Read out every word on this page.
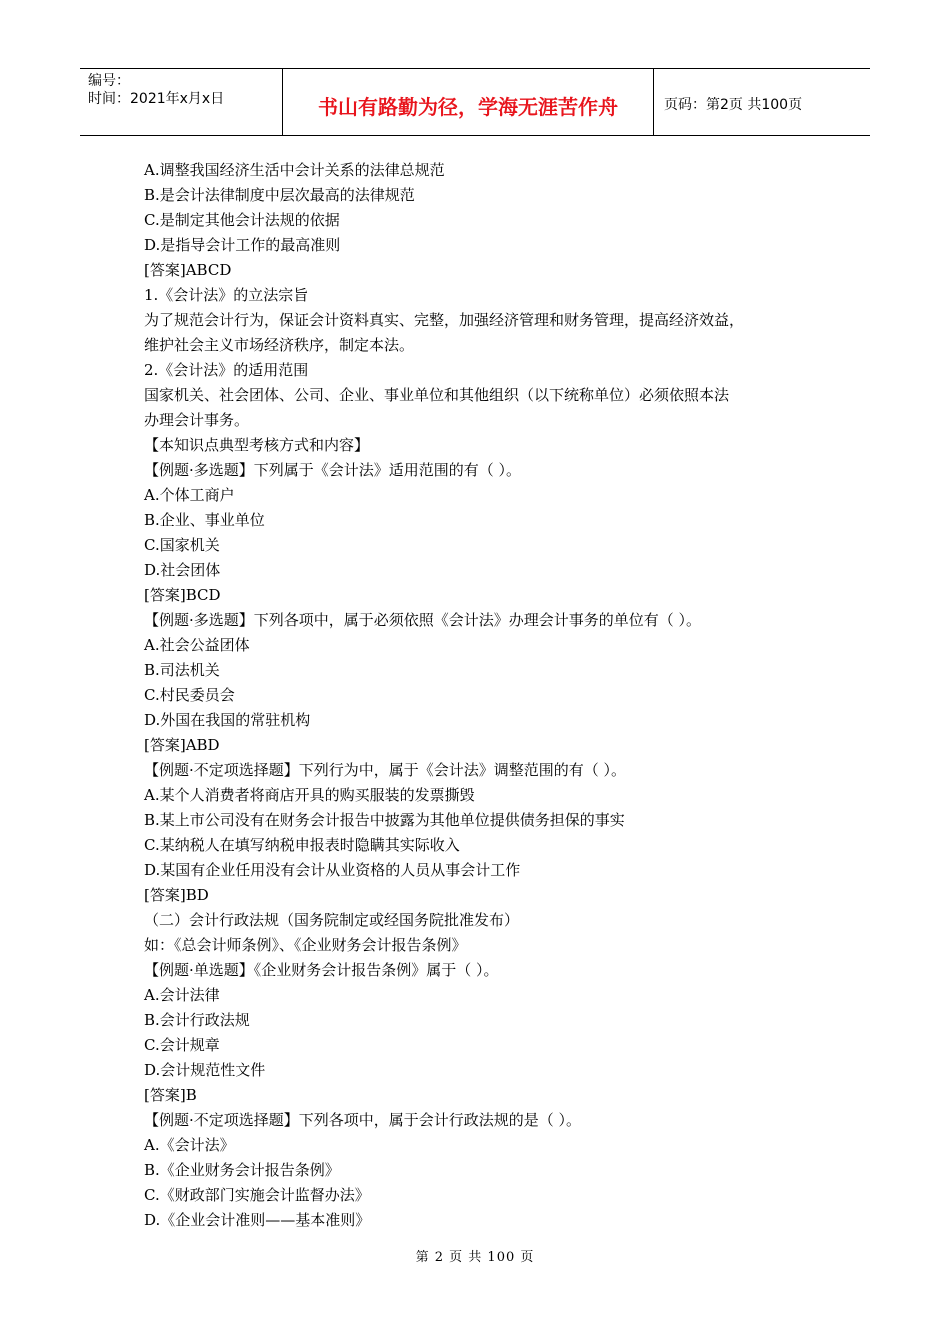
编号：
时间：2021年x月x日	书山有路勤为径，学海无涯苦作舟	页码：第2页 共100页
A.调整我国经济生活中会计关系的法律总规范
B.是会计法律制度中层次最高的法律规范
C.是制定其他会计法规的依据
D.是指导会计工作的最高准则
[答案]ABCD
1.《会计法》的立法宗旨
为了规范会计行为，保证会计资料真实、完整，加强经济管理和财务管理，提高经济效益，
维护社会主义市场经济秩序，制定本法。
2.《会计法》的适用范围
国家机关、社会团体、公司、企业、事业单位和其他组织（以下统称单位）必须依照本法
办理会计事务。
【本知识点典型考核方式和内容】
【例题·多选题】下列属于《会计法》适用范围的有（ ）。
A.个体工商户
B.企业、事业单位
C.国家机关
D.社会团体
[答案]BCD
【例题·多选题】下列各项中，属于必须依照《会计法》办理会计事务的单位有（ ）。
A.社会公益团体
B.司法机关
C.村民委员会
D.外国在我国的常驻机构
[答案]ABD
【例题·不定项选择题】下列行为中，属于《会计法》调整范围的有（ ）。
A.某个人消费者将商店开具的购买服装的发票撕毁
B.某上市公司没有在财务会计报告中披露为其他单位提供债务担保的事实
C.某纳税人在填写纳税申报表时隐瞒其实际收入
D.某国有企业任用没有会计从业资格的人员从事会计工作
[答案]BD
（二）会计行政法规（国务院制定或经国务院批准发布）
如：《总会计师条例》、《企业财务会计报告条例》
【例题·单选题】《企业财务会计报告条例》属于（ ）。
A.会计法律
B.会计行政法规
C.会计规章
D.会计规范性文件
[答案]B
【例题·不定项选择题】下列各项中，属于会计行政法规的是（ ）。
A.《会计法》
B.《企业财务会计报告条例》
C.《财政部门实施会计监督办法》
D.《企业会计准则——基本准则》
第 2 页 共 100 页
